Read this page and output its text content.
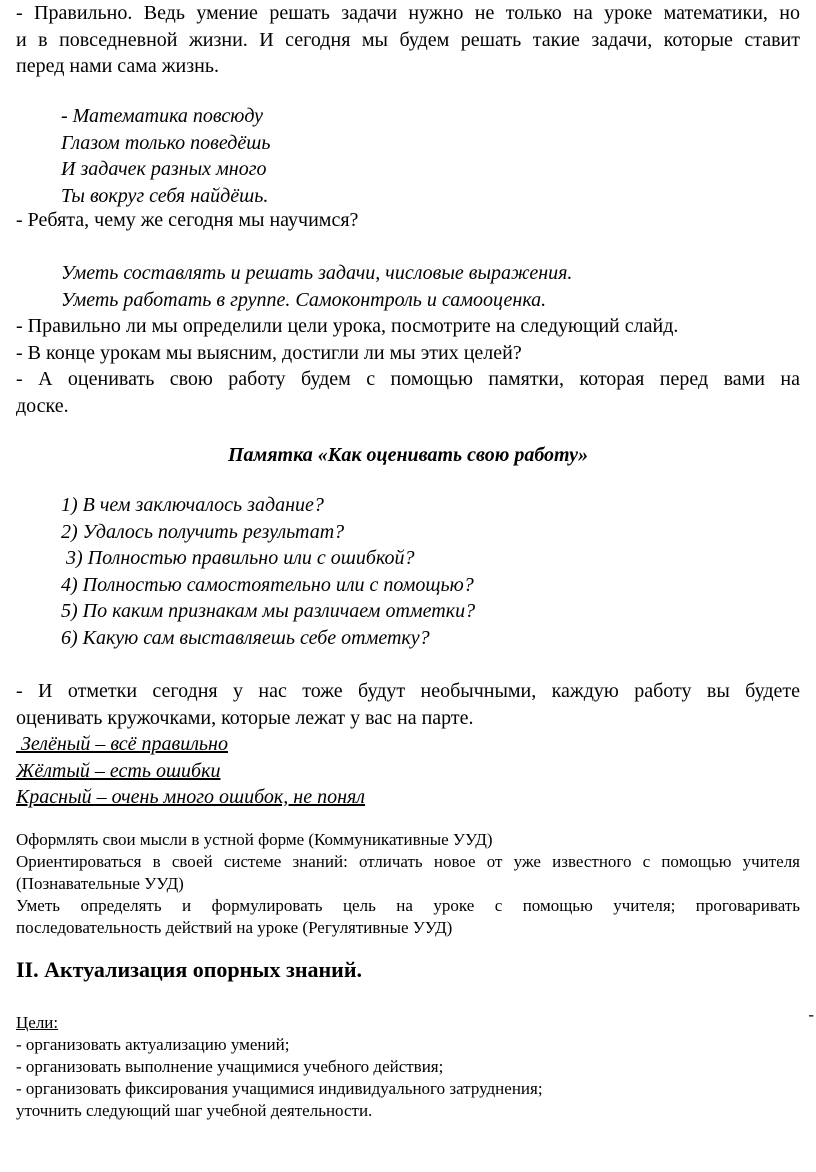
- Правильно. Ведь умение решать задачи нужно не только на уроке математики, но

и в повседневной жизни. И сегодня мы будем решать такие задачи, которые ставит

перед нами сама жизнь.

- Математика повсюду

Глазом только поведёшь

И задачек разных много

Ты вокруг себя найдёшь.

- Ребята, чему же сегодня мы научимся?

Уметь составлять и решать задачи, числовые выражения.

Уметь работать в группе. Самоконтроль и самооценка.

- Правильно ли мы определили цели урока, посмотрите на следующий слайд.

- В конце урокам мы выясним, достигли ли мы этих целей?

- А оценивать свою работу будем с помощью памятки, которая перед вами на

доске.

Памятка «Как оценивать свою работу»

1) В чем заключалось задание?

2) Удалось получить результат?

3) Полностью правильно или с ошибкой?

4) Полностью самостоятельно или с помощью?

5) По каким признакам мы различаем отметки?

6) Какую сам выставляешь себе отметку?

- И отметки сегодня у нас тоже будут необычными, каждую работу вы будете

оценивать кружочками, которые лежат у вас на парте.

Зелёный – всё правильно

Жёлтый – есть ошибки

Красный – очень много ошибок, не понял

Оформлять свои мысли в устной форме (Коммуникативные УУД)

Ориентироваться в своей системе знаний: отличать новое от уже известного с помощью учителя

(Познавательные УУД)

Уметь определять и формулировать цель на уроке с помощью учителя; проговаривать

последовательность действий на уроке (Регулятивные УУД)

II. Актуализация опорных знаний.

Цели:

- организовать актуализацию умений;

- организовать выполнение учащимися учебного действия;

- организовать фиксирования учащимися индивидуального затруднения;

уточнить следующий шаг учебной деятельности.

-
